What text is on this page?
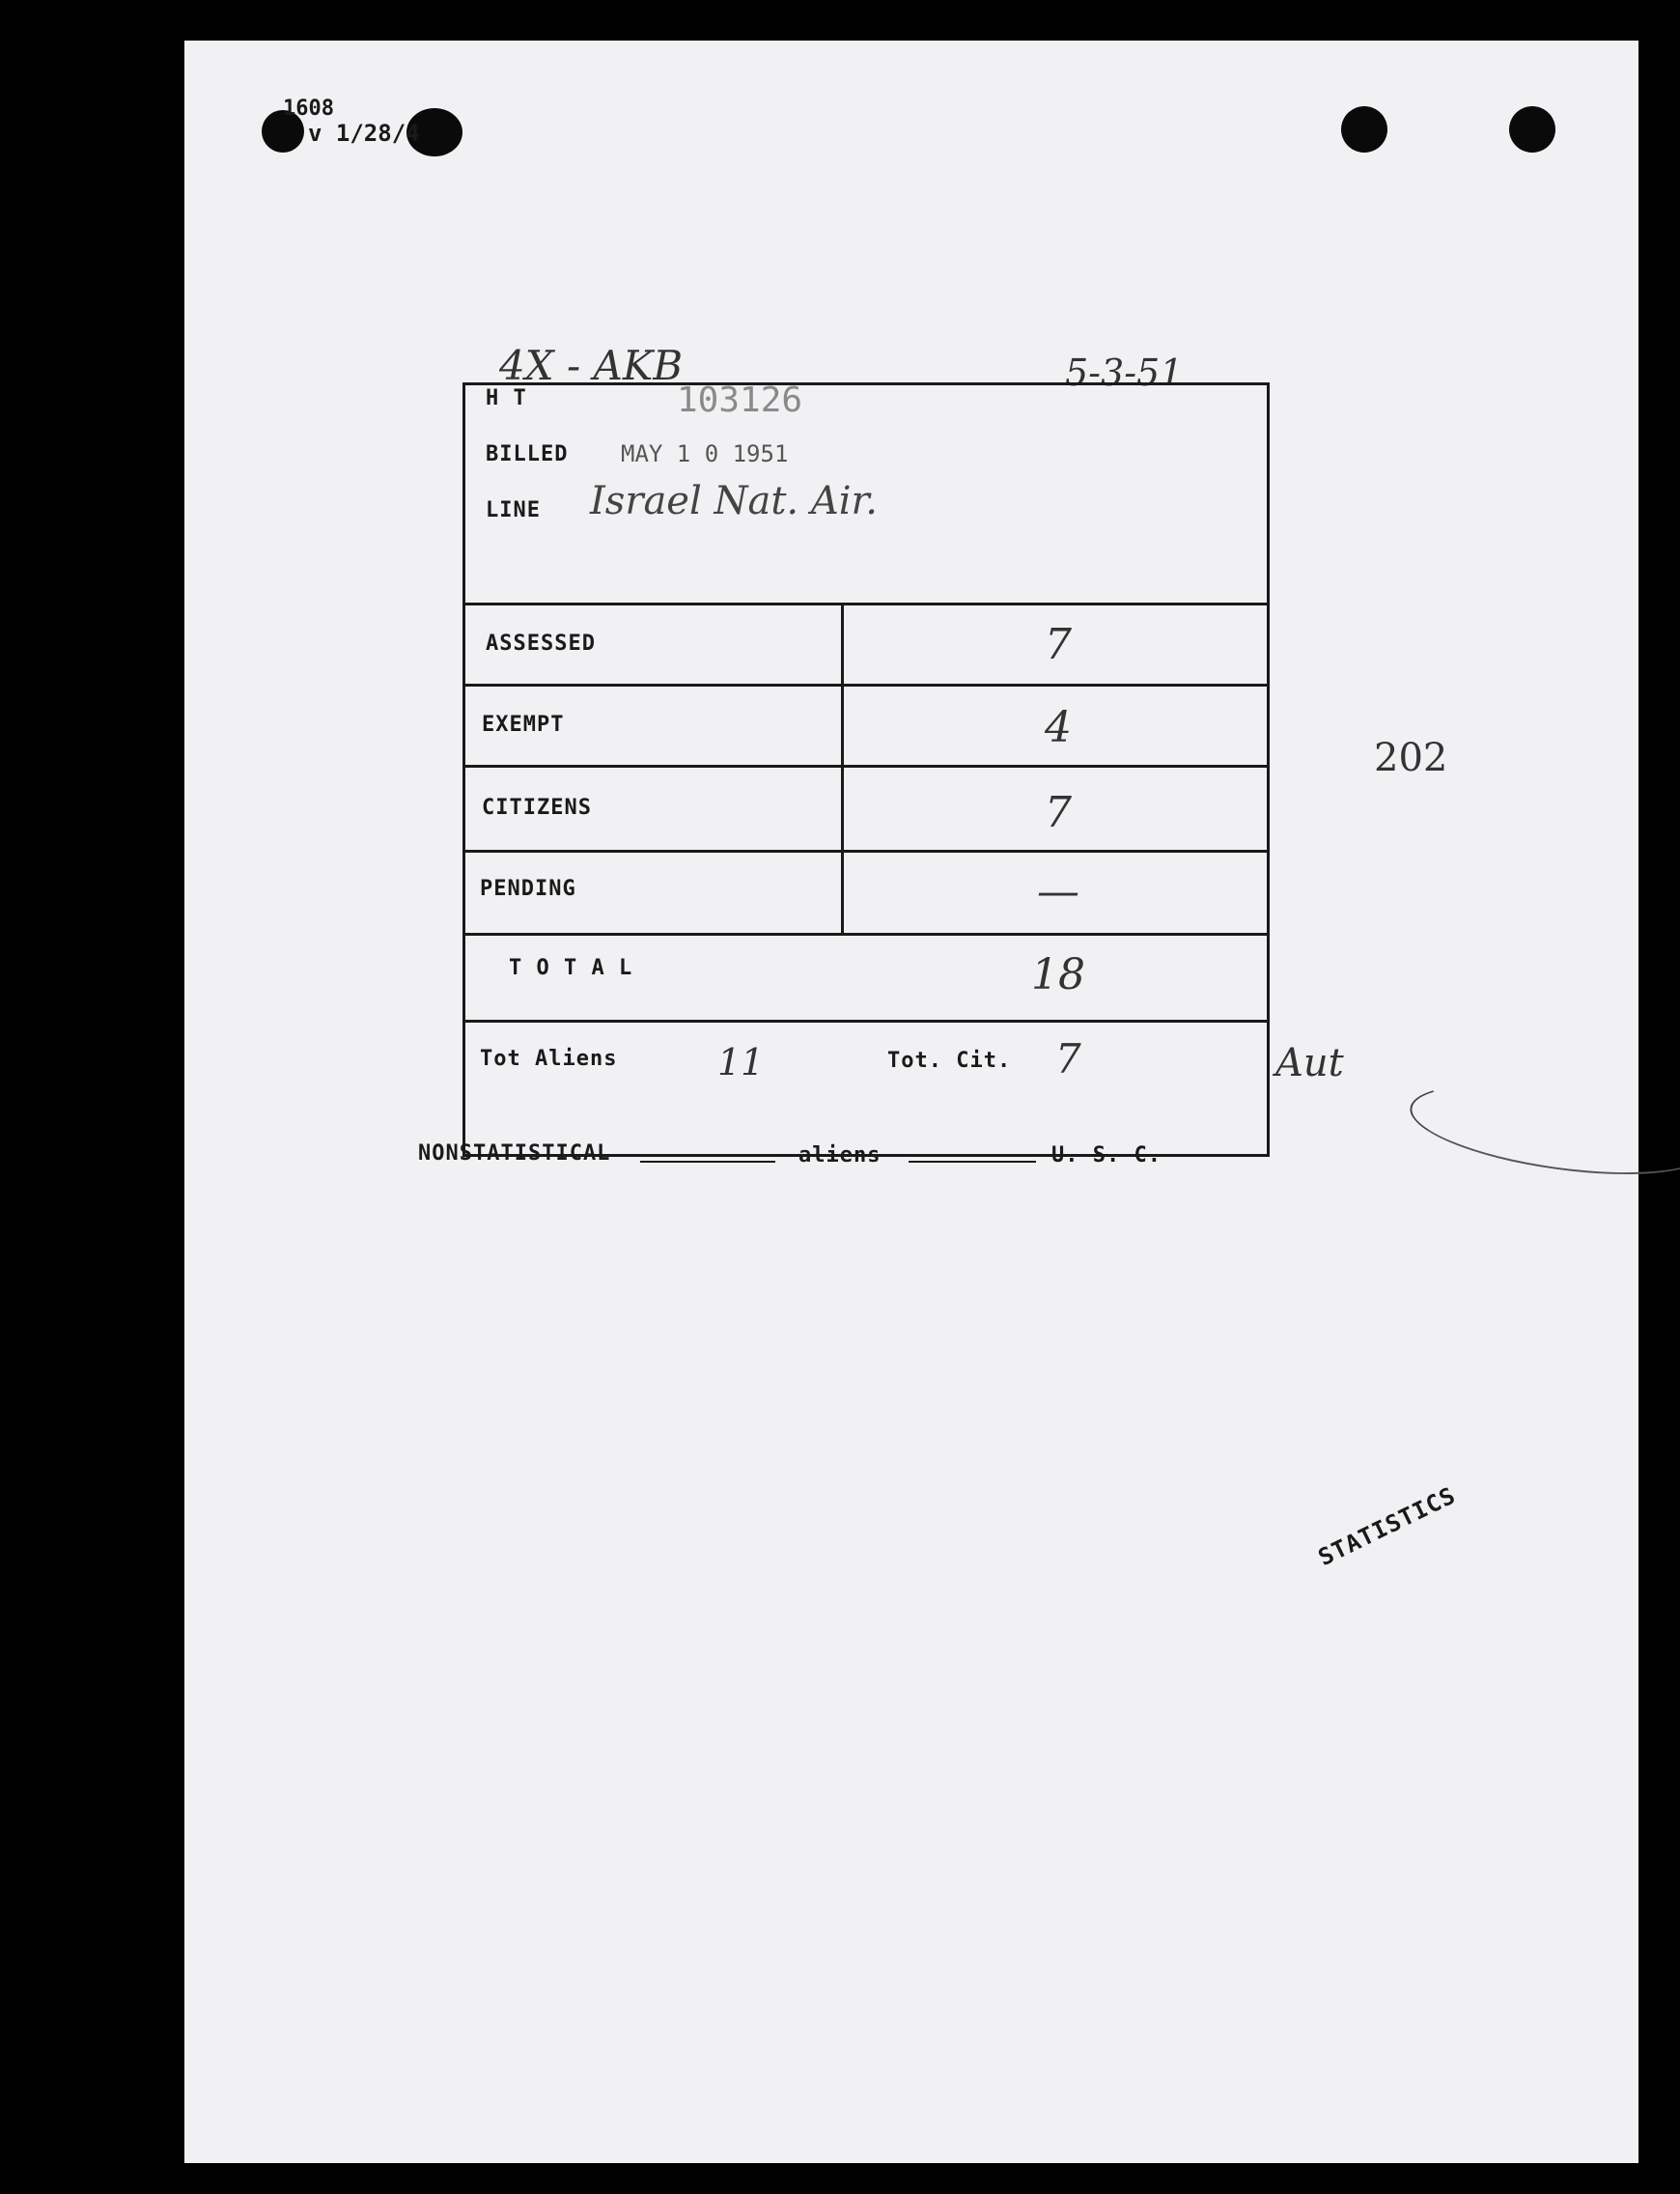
1608
v 1/28/4
4X - AKB	5-3-51
202
H T	103126
BILLED MAY 1 0 1951
LINE Israel Nat. Air.
ASSESSED	7
EXEMPT	4
CITIZENS	7
PENDING	—
T O T A L	18
Tot Aliens	11	Tot. Cit. 7	Aut
NONSTATISTICAL	aliens	U. S. C.
STATISTICS
